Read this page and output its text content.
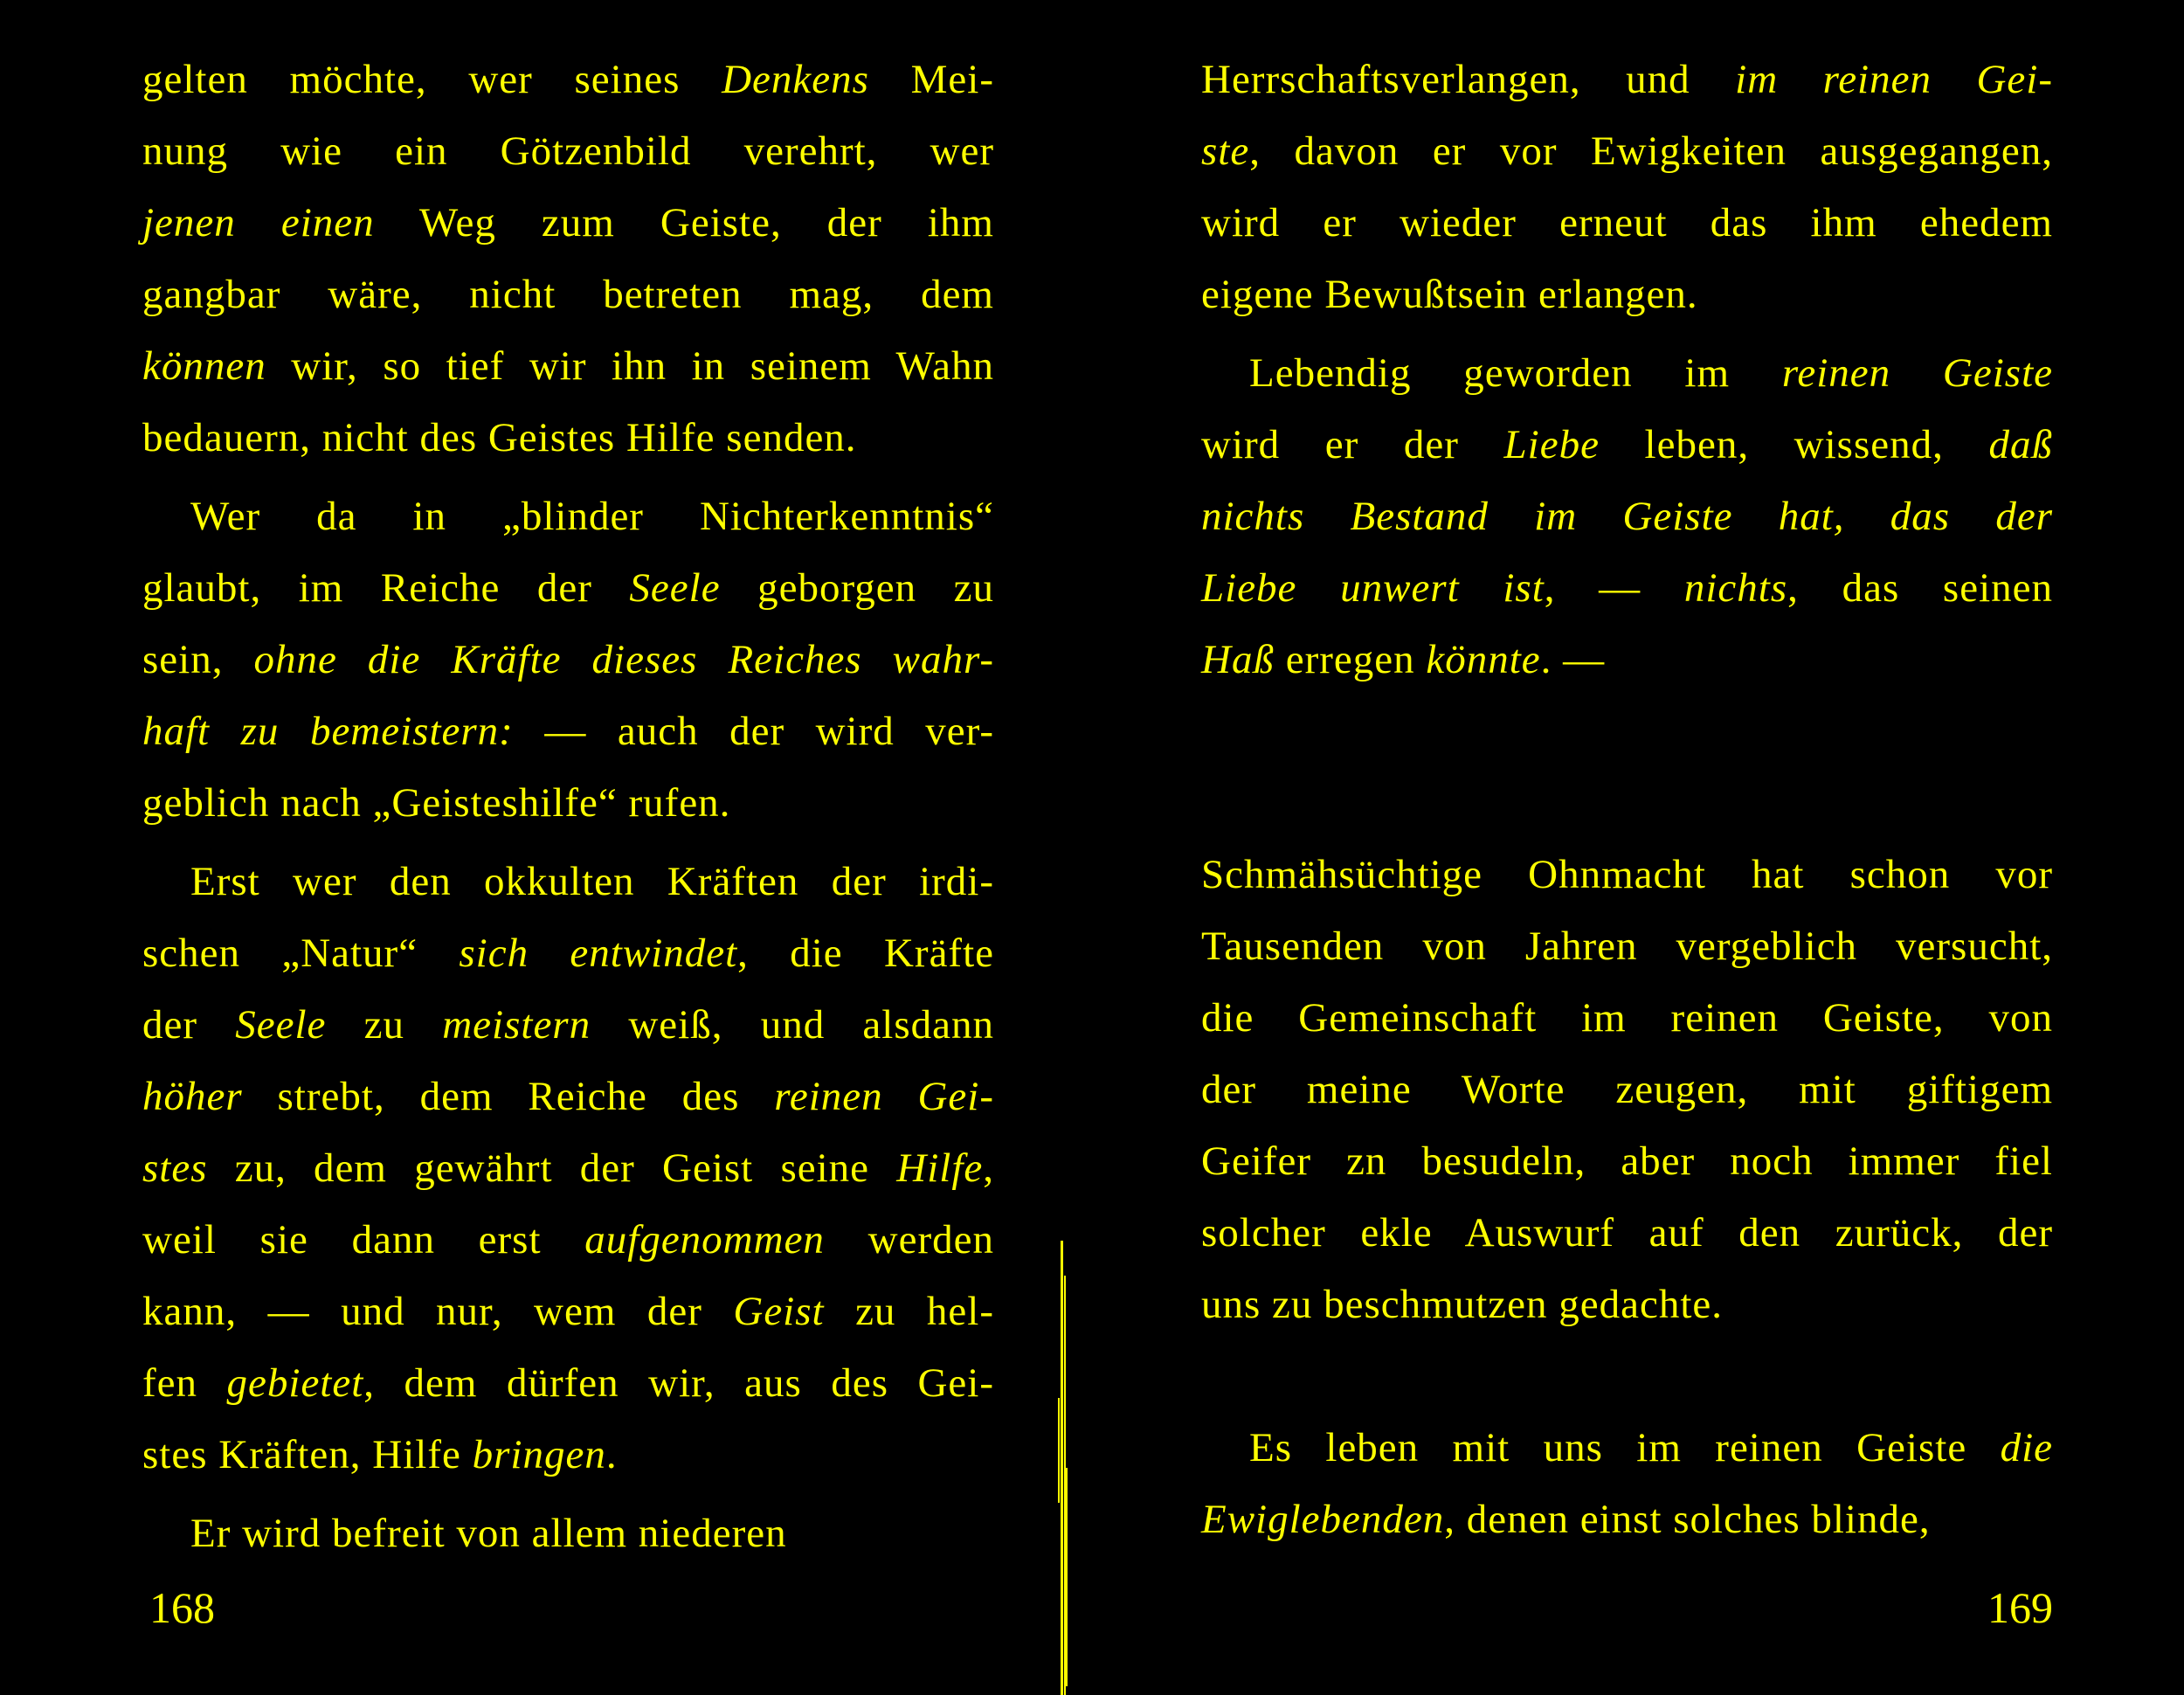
gelten möchte, wer seines Denkens Mei-
nung wie ein Götzenbild verehrt, wer
jenen einen Weg zum Geiste, der ihm
gangbar wäre, nicht betreten mag, dem
können wir, so tief wir ihn in seinem Wahn
bedauern, nicht des Geistes Hilfe senden.
Wer da in „blinder Nichterkenntnis“
glaubt, im Reiche der Seele geborgen zu
sein, ohne die Kräfte dieses Reiches wahr-
haft zu bemeistern: — auch der wird ver-
geblich nach „Geisteshilfe“ rufen.
Erst wer den okkulten Kräften der irdi-
schen „Natur“ sich entwindet, die Kräfte
der Seele zu meistern weiß, und alsdann
höher strebt, dem Reiche des reinen Gei-
stes zu, dem gewährt der Geist seine Hilfe,
weil sie dann erst aufgenommen werden
kann, — und nur, wem der Geist zu hel-
fen gebietet, dem dürfen wir, aus des Gei-
stes Kräften, Hilfe bringen.
Er wird befreit von allem niederen
168
Herrschaftsverlangen, und im reinen Gei-
ste, davon er vor Ewigkeiten ausgegangen,
wird er wieder erneut das ihm ehedem
eigene Bewußtsein erlangen.
Lebendig geworden im reinen Geiste
wird er der Liebe leben, wissend, daß
nichts Bestand im Geiste hat, das der
Liebe unwert ist, — nichts, das seinen
Haß erregen könnte. —
Schmähsüchtige Ohnmacht hat schon vor
Tausenden von Jahren vergeblich versucht,
die Gemeinschaft im reinen Geiste, von
der meine Worte zeugen, mit giftigem
Geifer zn besudeln, aber noch immer fiel
solcher ekle Auswurf auf den zurück, der
uns zu beschmutzen gedachte.
Es leben mit uns im reinen Geiste die
Ewiglebenden, denen einst solches blinde,
169
